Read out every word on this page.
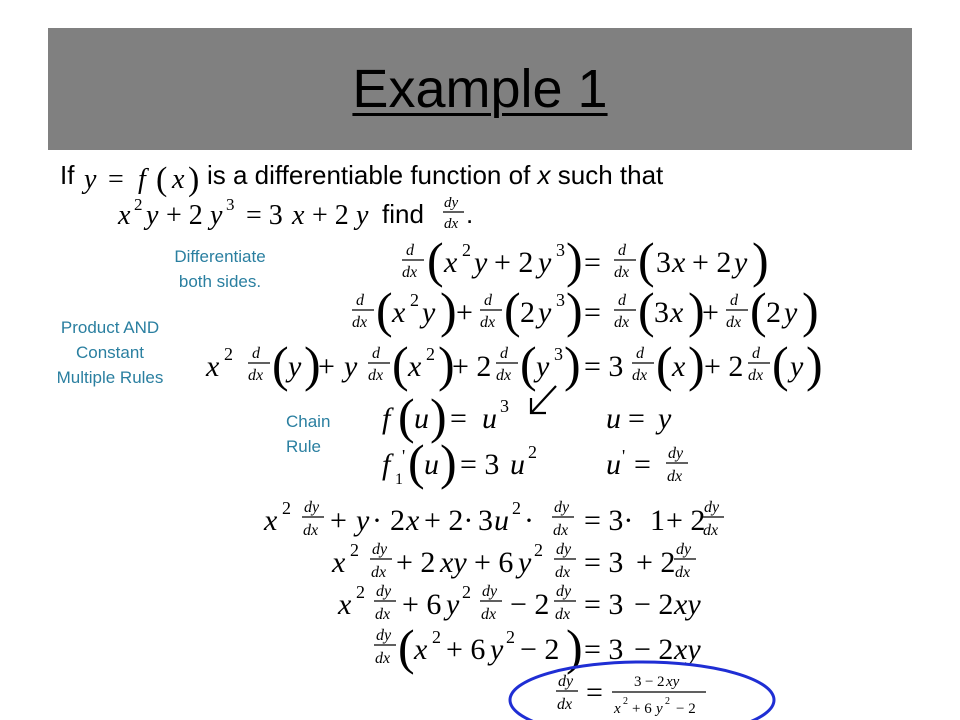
Example 1
If	is a differentiable function of x such that
find .
Differentiate
both sides.
Product AND
Constant
Multiple Rules
Chain
Rule
y = f ( x )
x 2 y + 2 y 3 = 3 x + 2 y	dy
dx
d
dx ( x 2 y + 2 y 3 ) = d
dx ( 3 x + 2 y )
d
dx ( x 2 y ) + d
dx ( 2 y 3 ) = d
dx ( 3 x )
+ d
dx ( 2 y )
x 2 d
dx ( y )
+ y d
dx ( x 2 )
+ 2 d
dx ( y 3 ) = 3 d
dx ( x ) + 2 d
dx ( y )
f ( u ) = u 3	u = y
f 1
' ( u ) = 3 u 2 u ' = dy
dx
x 2 dy
dx + y · 2 x + 2· 3 u 2 · dy
dx = 3· 1 + 2
dy
dx
x 2 dy
dx + 2 xy + 6 y 2 dy
dx = 3 + 2 dy
dx
x 2 dy
dx + 6 y 2 dy
dx − 2 dy
dx = 3 − 2 xy
dy
dx ( x 2 + 6 y 2 − 2 ) = 3 − 2 xy
dy
dx = 3 − 2 xy
x 2 + 6 y 2 − 2
